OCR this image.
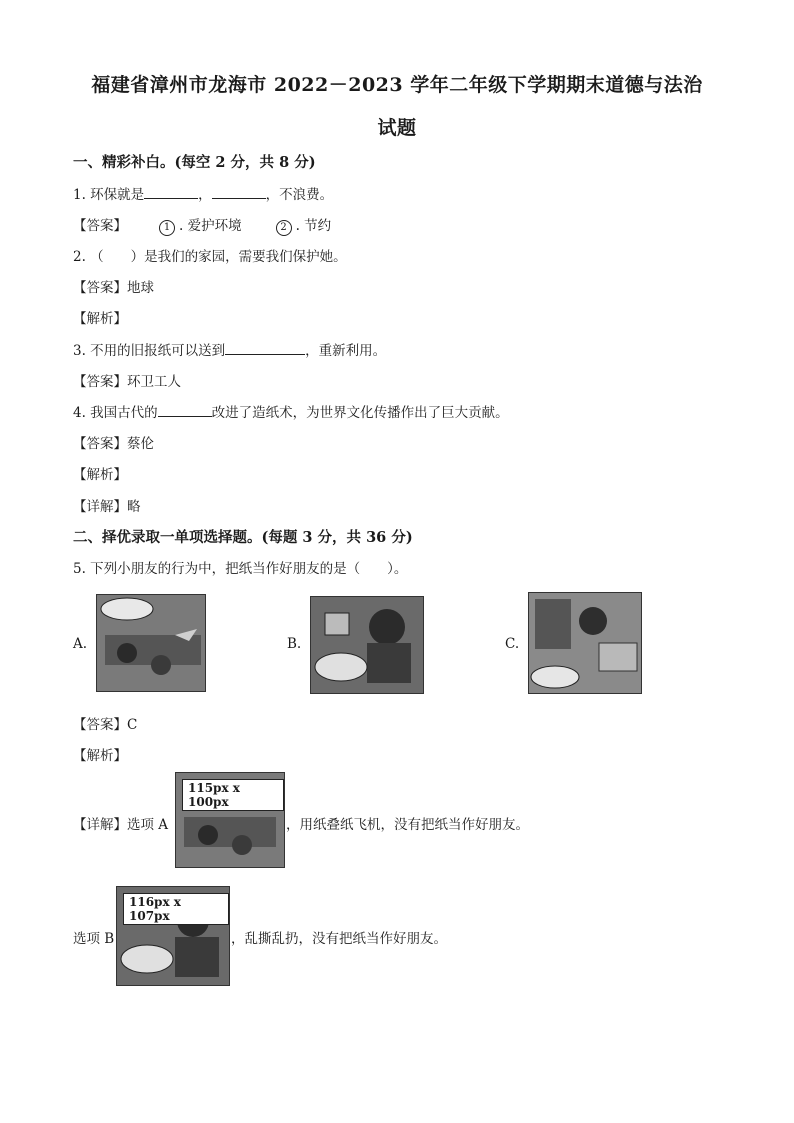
福建省漳州市龙海市 2022－2023 学年二年级下学期期末道德与法治
试题
一、精彩补白。(每空 2 分，共 8 分)
1. 环保就是	，	，不浪费。
【答案】	1 . 爱护环境	2 . 节约
2. （　　）是我们的家园，需要我们保护她。
【答案】地球
【解析】
3. 不用的旧报纸可以送到	，重新利用。
【答案】环卫工人
4. 我国古代的	改进了造纸术，为世界文化传播作出了巨大贡献。
【答案】蔡伦
【解析】
【详解】略
二、择优录取一单项选择题。(每题 3 分，共 36 分)
5. 下列小朋友的行为中，把纸当作好朋友的是（　　）。
A.	B.	C.
【答案】C
【解析】
【详解】选项 A
115px x 100px
，用纸叠纸飞机，没有把纸当作好朋友。
选项 B
116px x 107px
，乱撕乱扔，没有把纸当作好朋友。
